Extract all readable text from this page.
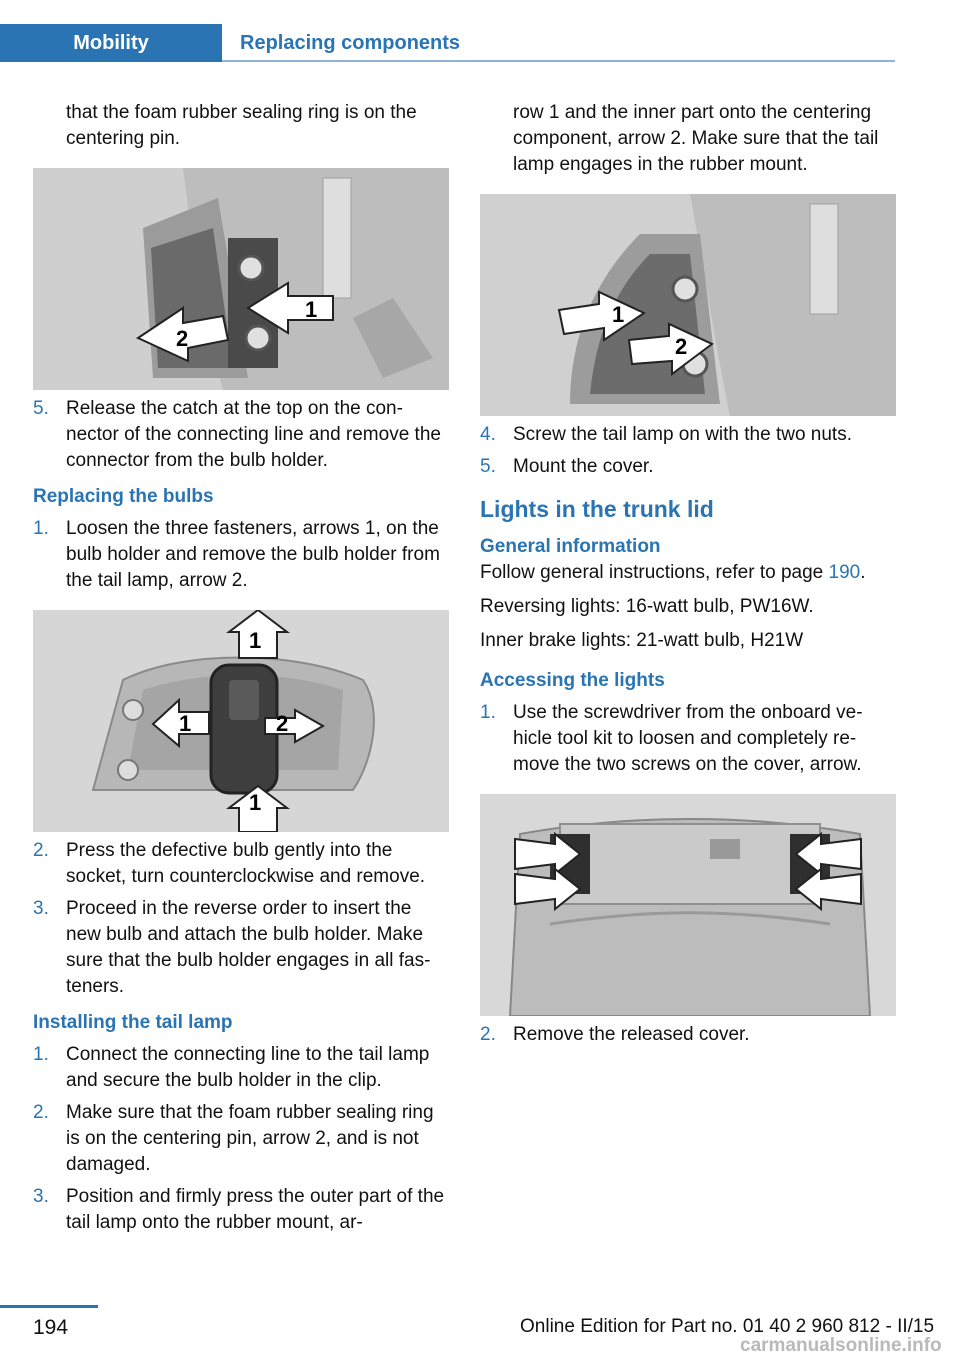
Mobility	Replacing components

that the foam rubber sealing ring is on the centering pin.

1
2
5. Release the catch at the top on the con-nector of the connecting line and remove the connector from the bulb holder.
Replacing the bulbs
1. Loosen the three fasteners, arrows 1, on the bulb holder and remove the bulb holder from the tail lamp, arrow 2.
1
1	2
1
2. Press the defective bulb gently into the socket, turn counterclockwise and remove.
3. Proceed in the reverse order to insert the new bulb and attach the bulb holder. Make sure that the bulb holder engages in all fas-teners.
Installing the tail lamp
1. Connect the connecting line to the tail lamp and secure the bulb holder in the clip.
2. Make sure that the foam rubber sealing ring is on the centering pin, arrow 2, and is not damaged.
3. Position and firmly press the outer part of the tail lamp onto the rubber mount, ar-

row 1 and the inner part onto the centering component, arrow 2. Make sure that the tail lamp engages in the rubber mount.

1
2
4. Screw the tail lamp on with the two nuts.
5. Mount the cover.
Lights in the trunk lid
General information

Follow general instructions, refer to page 190.

Reversing lights: 16-watt bulb, PW16W.

Inner brake lights: 21-watt bulb, H21W

Accessing the lights
1. Use the screwdriver from the onboard ve-hicle tool kit to loosen and completely re-move the two screws on the cover, arrow.
2. Remove the released cover.
194	Online Edition for Part no. 01 40 2 960 812 - II/15
carmanualsonline.info
